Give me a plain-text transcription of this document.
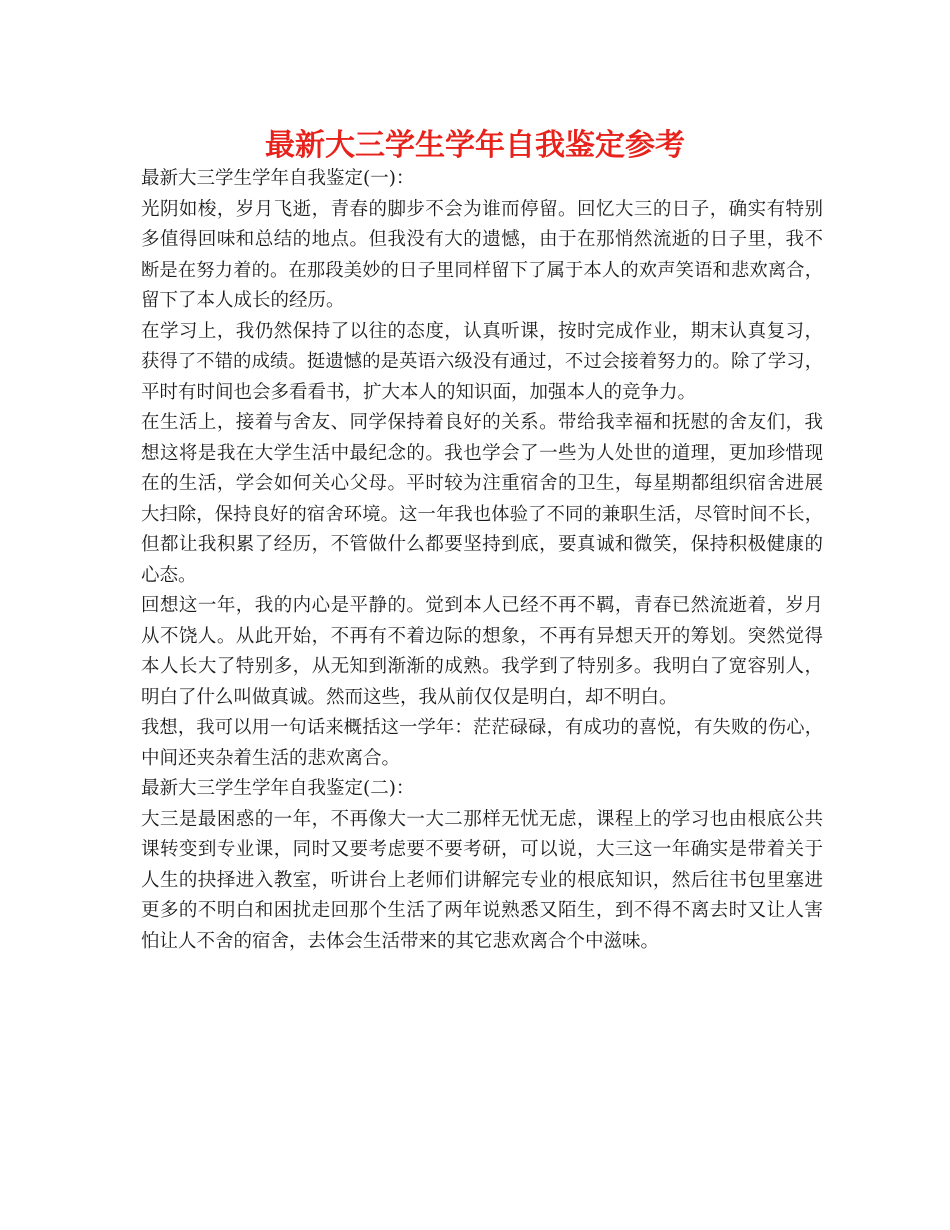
最新大三学生学年自我鉴定参考
最新大三学生学年自我鉴定(一)：
光阴如梭，岁月飞逝，青春的脚步不会为谁而停留。回忆大三的日子，确实有特别
多值得回味和总结的地点。但我没有大的遗憾，由于在那悄然流逝的日子里，我不
断是在努力着的。在那段美妙的日子里同样留下了属于本人的欢声笑语和悲欢离合，
留下了本人成长的经历。
在学习上，我仍然保持了以往的态度，认真听课，按时完成作业，期末认真复习，
获得了不错的成绩。挺遗憾的是英语六级没有通过，不过会接着努力的。除了学习，
平时有时间也会多看看书，扩大本人的知识面，加强本人的竞争力。
在生活上，接着与舍友、同学保持着良好的关系。带给我幸福和抚慰的舍友们，我
想这将是我在大学生活中最纪念的。我也学会了一些为人处世的道理，更加珍惜现
在的生活，学会如何关心父母。平时较为注重宿舍的卫生，每星期都组织宿舍进展
大扫除，保持良好的宿舍环境。这一年我也体验了不同的兼职生活，尽管时间不长，
但都让我积累了经历，不管做什么都要坚持到底，要真诚和微笑，保持积极健康的
心态。
回想这一年，我的内心是平静的。觉到本人已经不再不羁，青春已然流逝着，岁月
从不饶人。从此开始，不再有不着边际的想象，不再有异想天开的筹划。突然觉得
本人长大了特别多，从无知到渐渐的成熟。我学到了特别多。我明白了宽容别人，
明白了什么叫做真诚。然而这些，我从前仅仅是明白，却不明白。
我想，我可以用一句话来概括这一学年：茫茫碌碌，有成功的喜悦，有失败的伤心，
中间还夹杂着生活的悲欢离合。
最新大三学生学年自我鉴定(二)：
大三是最困惑的一年，不再像大一大二那样无忧无虑，课程上的学习也由根底公共
课转变到专业课，同时又要考虑要不要考研，可以说，大三这一年确实是带着关于
人生的抉择进入教室，听讲台上老师们讲解完专业的根底知识，然后往书包里塞进
更多的不明白和困扰走回那个生活了两年说熟悉又陌生，到不得不离去时又让人害
怕让人不舍的宿舍，去体会生活带来的其它悲欢离合个中滋味。
